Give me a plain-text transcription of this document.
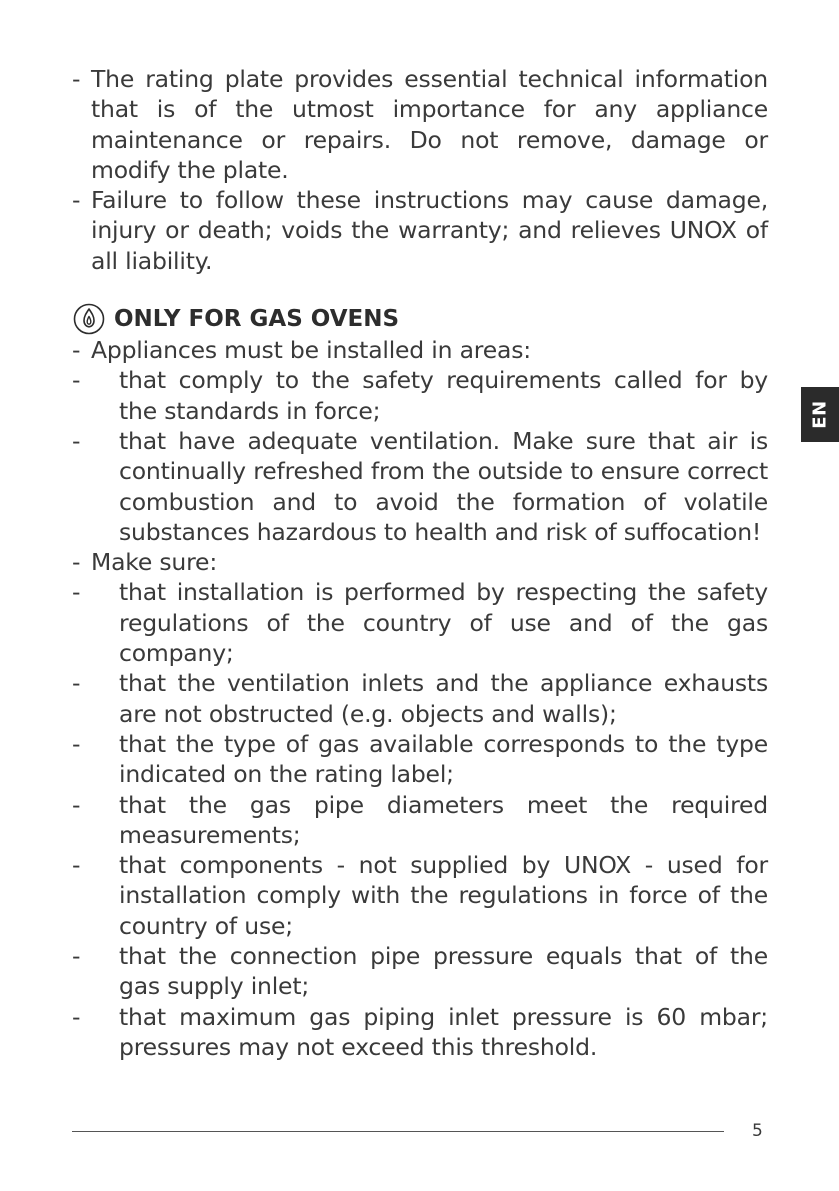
- The rating plate provides essential technical information that is of the utmost importance for any appliance maintenance or repairs. Do not remove, damage or modify the plate.

- Failure to follow these instructions may cause damage, injury or death; voids the warranty; and relieves UNOX of all liability.

ONLY FOR GAS OVENS

- Appliances must be installed in areas:

- that comply to the safety requirements called for by the standards in force;

- that have adequate ventilation. Make sure that air is continually refreshed from the outside to ensure correct combustion and to avoid the formation of volatile substances hazardous to health and risk of suffocation!

- Make sure:

- that installation is performed by respecting the safety regulations of the country of use and of the gas company;

- that the ventilation inlets and the appliance exhausts are not obstructed (e.g. objects and walls);

- that the type of gas available corresponds to the type indicated on the rating label;

- that the gas pipe diameters meet the required measurements;

- that components - not supplied by UNOX - used for installation comply with the regulations in force of the country of use;

- that the connection pipe pressure equals that of the gas supply inlet;

- that maximum gas piping inlet pressure is 60 mbar; pressures may not exceed this threshold.

EN
5
